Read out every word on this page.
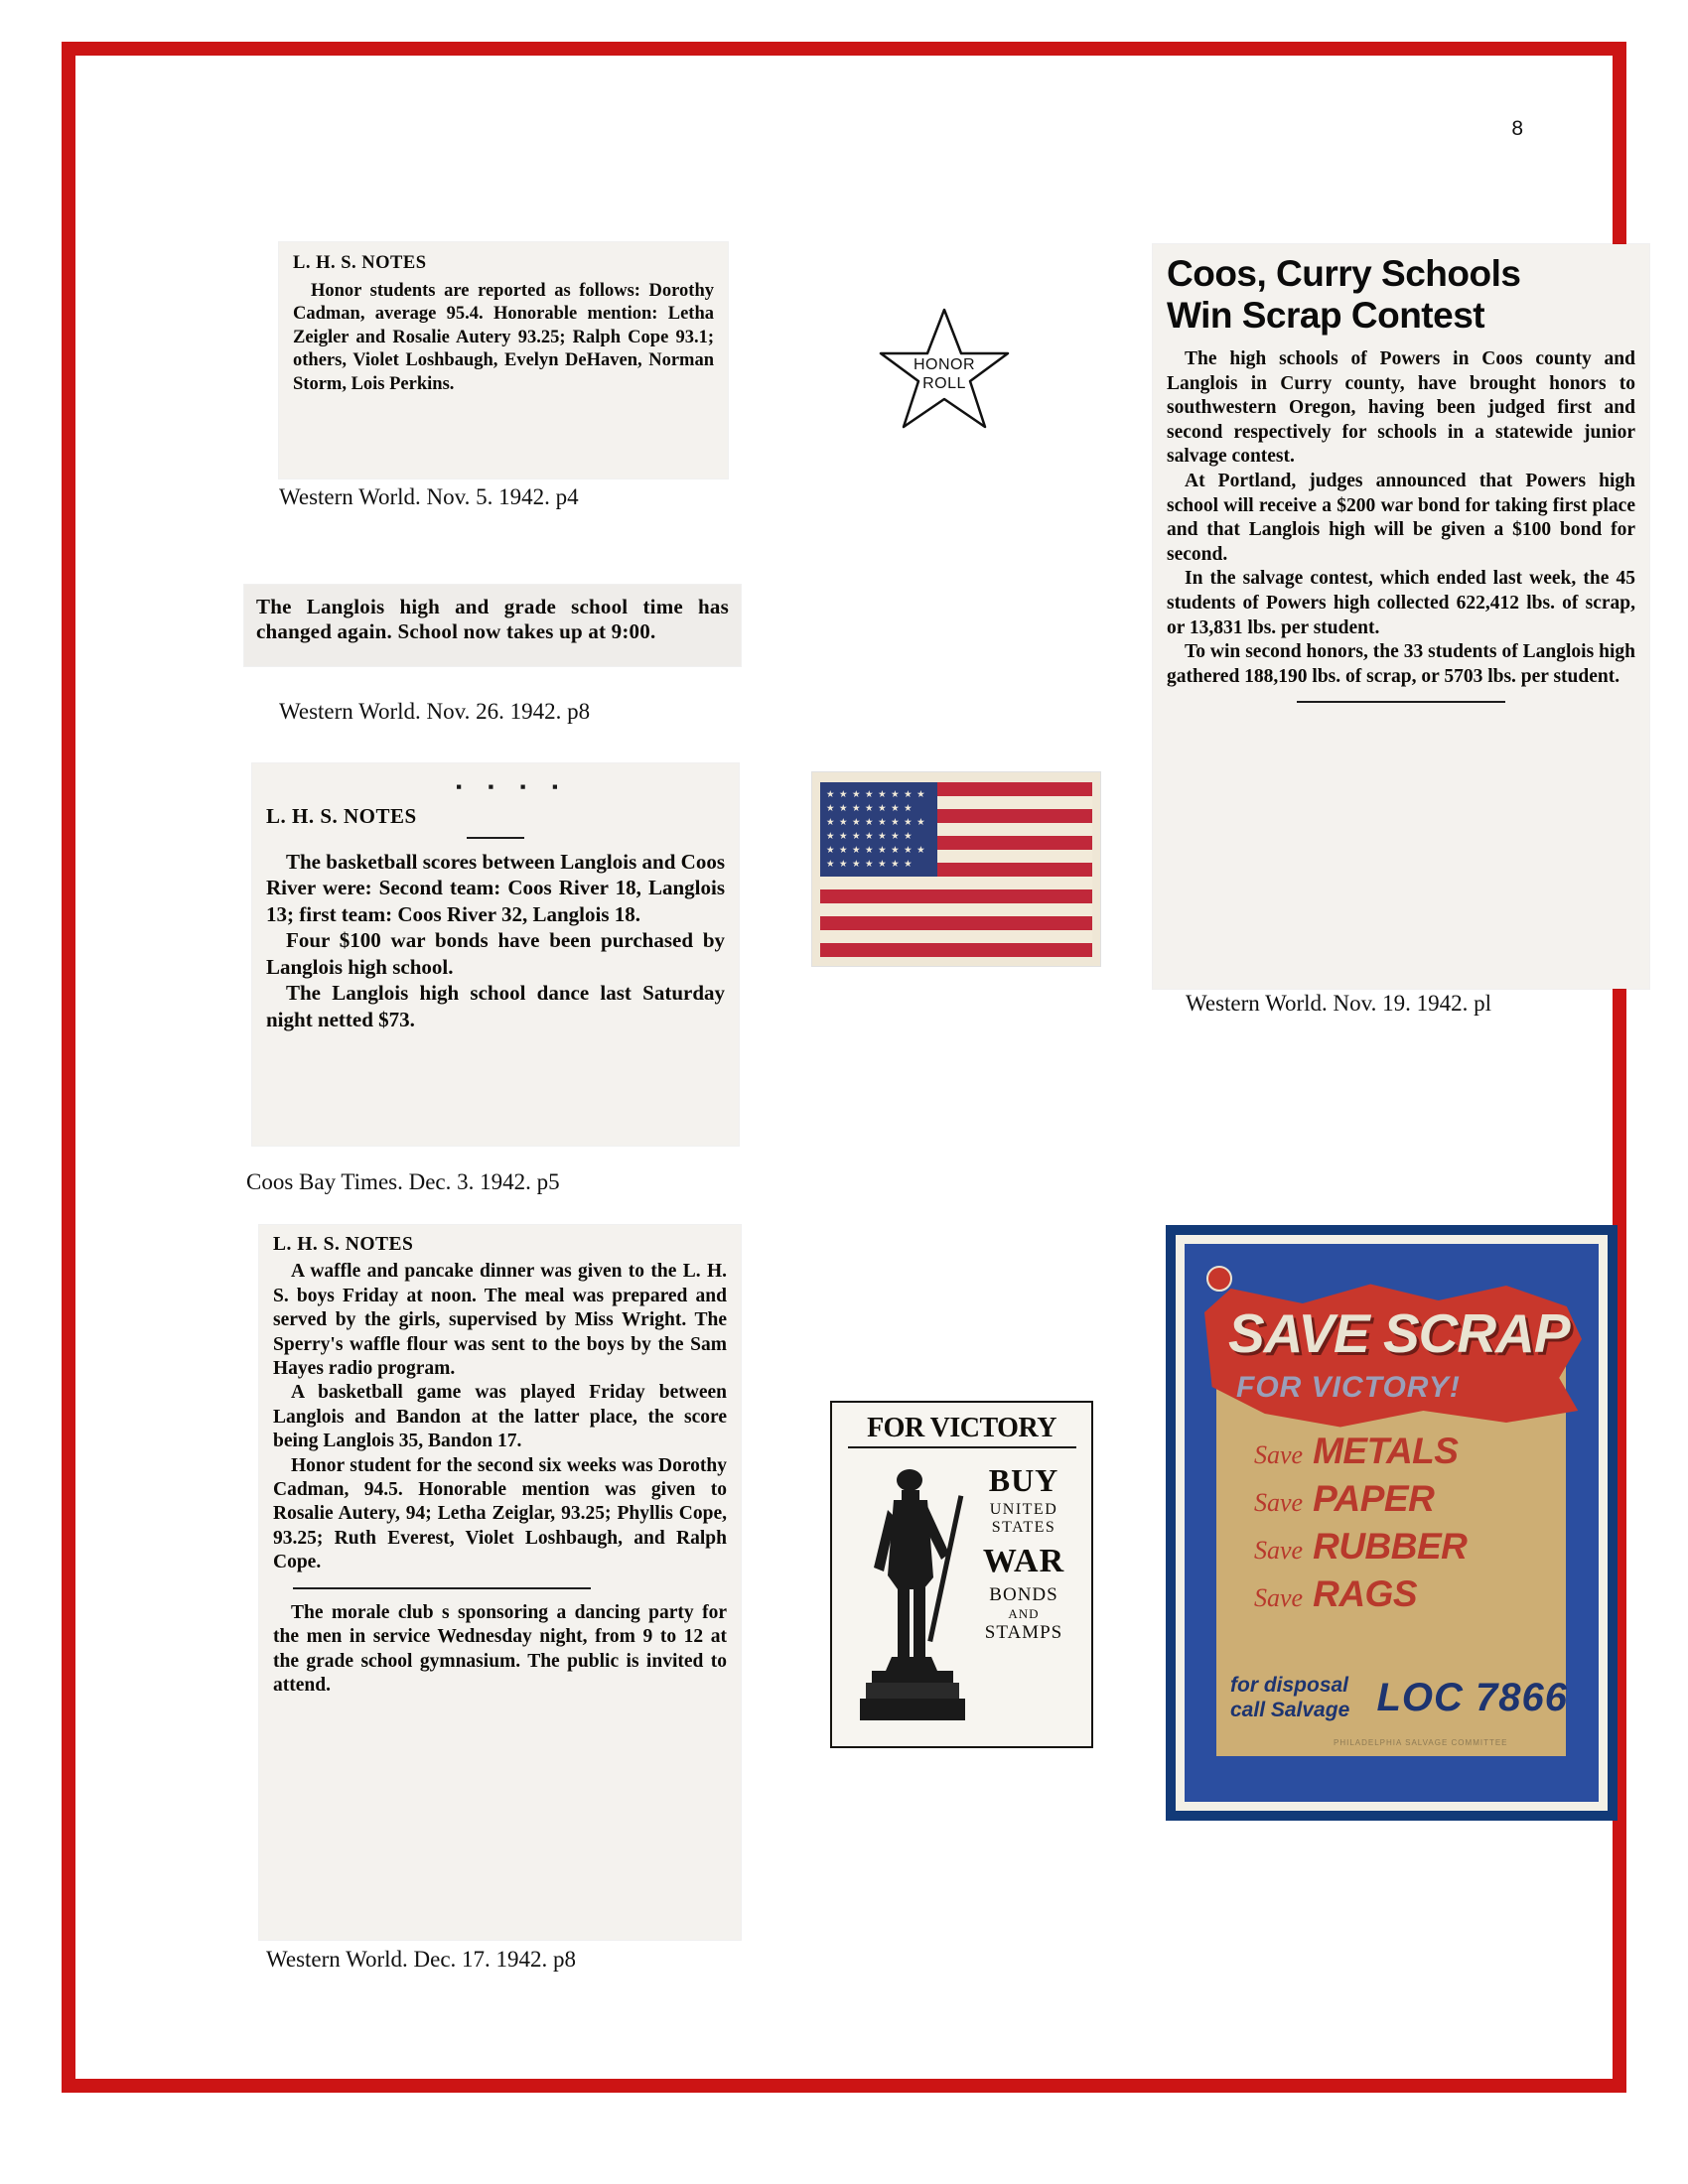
8
L. H. S. NOTES
Honor students are reported as follows: Dorothy Cadman, average 95.4. Honorable mention: Letha Zeigler and Rosalie Autery 93.25; Ralph Cope 93.1; others, Violet Loshbaugh, Evelyn DeHaven, Norman Storm, Lois Perkins.
Western World. Nov. 5. 1942. p4
The Langlois high and grade school time has changed again. School now takes up at 9:00.
Western World. Nov. 26. 1942. p8
▪ ▪ ▪ ▪
L. H. S. NOTES
The basketball scores between Langlois and Coos River were: Second team: Coos River 18, Langlois 13; first team: Coos River 32, Langlois 18.
Four $100 war bonds have been purchased by Langlois high school.
The Langlois high school dance last Saturday night netted $73.
Coos Bay Times. Dec. 3. 1942. p5
L. H. S. NOTES
A waffle and pancake dinner was given to the L. H. S. boys Friday at noon. The meal was prepared and served by the girls, supervised by Miss Wright. The Sperry's waffle flour was sent to the boys by the Sam Hayes radio program.
A basketball game was played Friday between Langlois and Bandon at the latter place, the score being Langlois 35, Bandon 17.
Honor student for the second six weeks was Dorothy Cadman, 94.5. Honorable mention was given to Rosalie Autery, 94; Letha Zeiglar, 93.25; Phyllis Cope, 93.25; Ruth Everest, Violet Loshbaugh, and Ralph Cope.
The morale club s sponsoring a dancing party for the men in service Wednesday night, from 9 to 12 at the grade school gymnasium. The public is invited to attend.
Western World. Dec. 17. 1942. p8
Coos, Curry Schools
Win Scrap Contest
The high schools of Powers in Coos county and Langlois in Curry county, have brought honors to southwestern Oregon, having been judged first and second respectively for schools in a statewide junior salvage contest.
At Portland, judges announced that Powers high school will receive a $200 war bond for taking first place and that Langlois high will be given a $100 bond for second.
In the salvage contest, which ended last week, the 45 students of Powers high collected 622,412 lbs. of scrap, or 13,831 lbs. per student.
To win second honors, the 33 students of Langlois high gathered 188,190 lbs. of scrap, or 5703 lbs. per student.
Western World. Nov. 19. 1942. pl
HONOR
ROLL
★★★★★★★★
★★★★★★★
★★★★★★★★
★★★★★★★
★★★★★★★★
★★★★★★★
FOR VICTORY
BUY
UNITED
STATES
WAR
BONDS
AND
STAMPS
SAVE SCRAP
FOR VICTORY!
Save METALS
Save PAPER
Save RUBBER
Save RAGS
for disposal
call Salvage LOC 7866
PHILADELPHIA SALVAGE COMMITTEE
